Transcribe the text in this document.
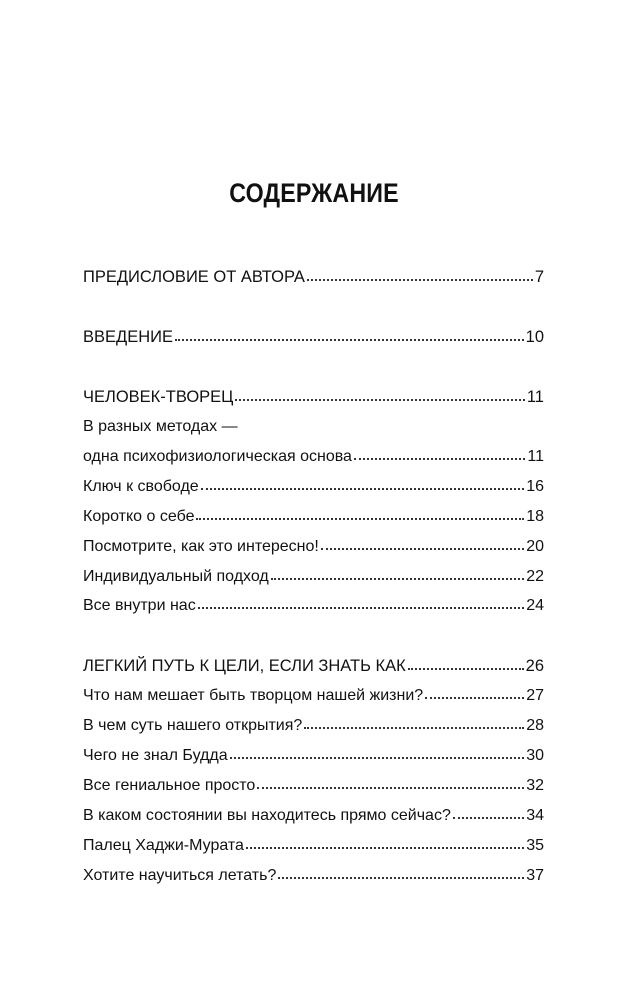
СОДЕРЖАНИЕ
ПРЕДИСЛОВИЕ ОТ АВТОРА	7
ВВЕДЕНИЕ	10
ЧЕЛОВЕК-ТВОРЕЦ	11
В разных методах —
одна психофизиологическая основа	11
Ключ к свободе	16
Коротко о себе	18
Посмотрите, как это интересно!	20
Индивидуальный подход	22
Все внутри нас	24
ЛЕГКИЙ ПУТЬ К ЦЕЛИ, ЕСЛИ ЗНАТЬ КАК	26
Что нам мешает быть творцом нашей жизни?	27
В чем суть нашего открытия?	28
Чего не знал Будда	30
Все гениальное просто	32
В каком состоянии вы находитесь прямо сейчас?	34
Палец Хаджи-Мурата	35
Хотите научиться летать?	37
